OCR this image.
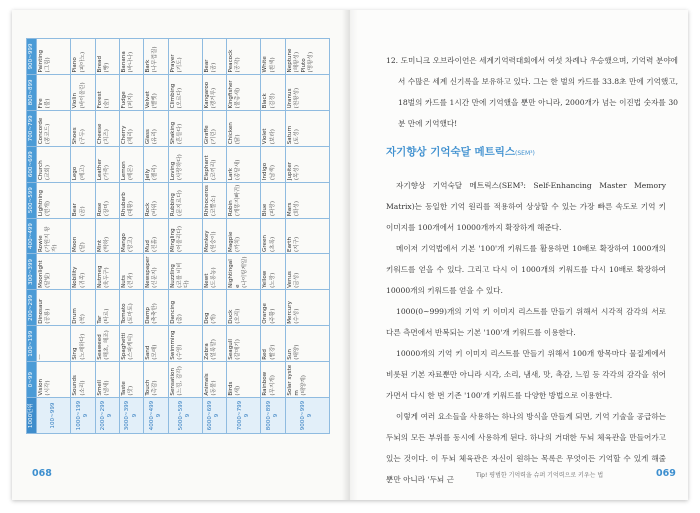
1000단위	0~99	100~199	200~299	300~399	400~499	500~599	600~699	700~799	800~899	900~999
100~999	Vision (시각)	ㅡ	Dinosaur (공룡)	Moonlight (달빛)	Rowie (가원지 왕자)	Lightning (번개)	Church (교회)	Concorde (콩코드)	Fire (불)	Painting (그림)

1000~1999	Sounds (소리)	Sing (노래하다)	Drum (북)	Nobility (귀족)	Moon (달)	Bear (곰)	Lego (레고)	Shoes (구두)	Violin (바이올린)	Piano (피아노)

2000~2999	Smell (냄새)	Seaweed (해초, 해조)	Tar (타르)	Nutmeg (육두구)	Mint (박하)	Rose (장미)	Leather (가죽)	Cheese (치즈)	Forest (숲)	Bread (빵)

3000~3999	Taste (맛)	Spaghetti (스파게티)	Tomato (토마토)	Nuts (견과)	Mango (망고)	Rhubarb (대황)	Lemon (레몬)	Cherry (체리)	Fudge (퍼지)	Banana (바나나)

4000~4999	Touch (촉감)	Sand (모래)	Damp (축축한)	Newspaper (신문지)	Mud (진흙)	Rock (바위)	Jelly (젤리)	Glass (유리)	Velvet (벨벳)	Bark (나무껍질)

5000~5999	Sensation (느낌, 감각)	Swimming (수영)	Dancing (춤)	Nuzzling (코를 비비다)	Mingling (어울리다)	Rubbing (문지르다)	Loving (사랑하다)	Shaking (흔들다)	Climbing (오르다)	Prayer (기도)

6000~6999	Animals (동물)	Zebra (얼룩말)	Dog (개)	Newt (도롱뇽)	Monkey (원숭이)	Rhinoceros (코뿔소)	Elephant (코끼리)	Giraffe (기린)	Kangaroo (캥거루)	Bear (곰)

7000~7999	Birds (새)	Seagull (갈매기)	Duck (오리)	Nightingale (나이팅게일)	Magpie (까치)	Robin (개똥지빠귀)	Lark (종달새)	Chicken (닭)	Kingfisher (물총새)	Peacock (공작)

8000~8999	Rainbow (무지개)	Red (빨강)	Orange (주황)	Yellow (노랑)	Green (초록)	Blue (파랑)	Indigo (남색)	Violet (보라)	Black (검정)	White (흰색)

9000~9999	Solar system (태양계)	Sun (태양)	Mercury (수성)	Venus (금성)	Earth (지구)	Mars (화성)	Jupiter (목성)	Saturn (토성)	Uranus (천왕성)	Neptune (해왕성) Pluto (명왕성)
068
12. 도미니크 오브라이언은 세계기억력대회에서 여섯 차례나 우승했으며, 기억력 분야에서 수많은 세계 신기록을 보유하고 있다. 그는 한 벌의 카드를 33.8초 만에 기억했고, 18벌의 카드를 1시간 만에 기억했을 뿐만 아니라, 2000개가 넘는 이진법 숫자를 30분 만에 기억했다!
자기향상 기억숙달 메트릭스(SEM³)

자기향상 기억숙달 메트릭스(SEM³: Self-Enhancing Master Memory Matrix)는 동일한 기억 원리를 적용하여 상상할 수 있는 가장 빠른 속도로 기억 키 이미지를 100개에서 10000개까지 확장하게 해준다.

메이저 기억법에서 기본 '100'개 키워드를 활용하면 10배로 확장하여 1000개의 키워드를 얻을 수 있다. 그리고 다시 이 1000개의 키워드를 다시 10배로 확장하여 10000개의 키워드를 얻을 수 있다.

1000(0~999)개의 기억 키 이미지 리스트를 만들기 위해서 시각적 감각의 서로 다른 측면에서 반복되는 기본 '100'개 키워드를 이용한다.

10000개의 기억 키 이미지 리스트를 만들기 위해서 100개 항목마다 물질계에서 비롯된 기본 자료뿐만 아니라 시각, 소리, 냄새, 맛, 촉감, 느낌 등 각각의 감각을 섞어가면서 다시 한 번 기존 '100'개 키워드를 다양한 방법으로 이용한다.

이렇게 여러 요소들을 사용하는 하나의 방식을 만들게 되면, 기억 기술을 공급하는 두뇌의 모든 부위를 동시에 사용하게 된다. 하나의 거대한 두뇌 체육관을 만들어가고 있는 것이다. 이 두뇌 체육관은 자신이 원하는 목록은 무엇이든 기억할 수 있게 해줄 뿐만 아니라 '두뇌 근	Tip! 평범한 기억력을 슈퍼 기억력으로 키우는 법	069
